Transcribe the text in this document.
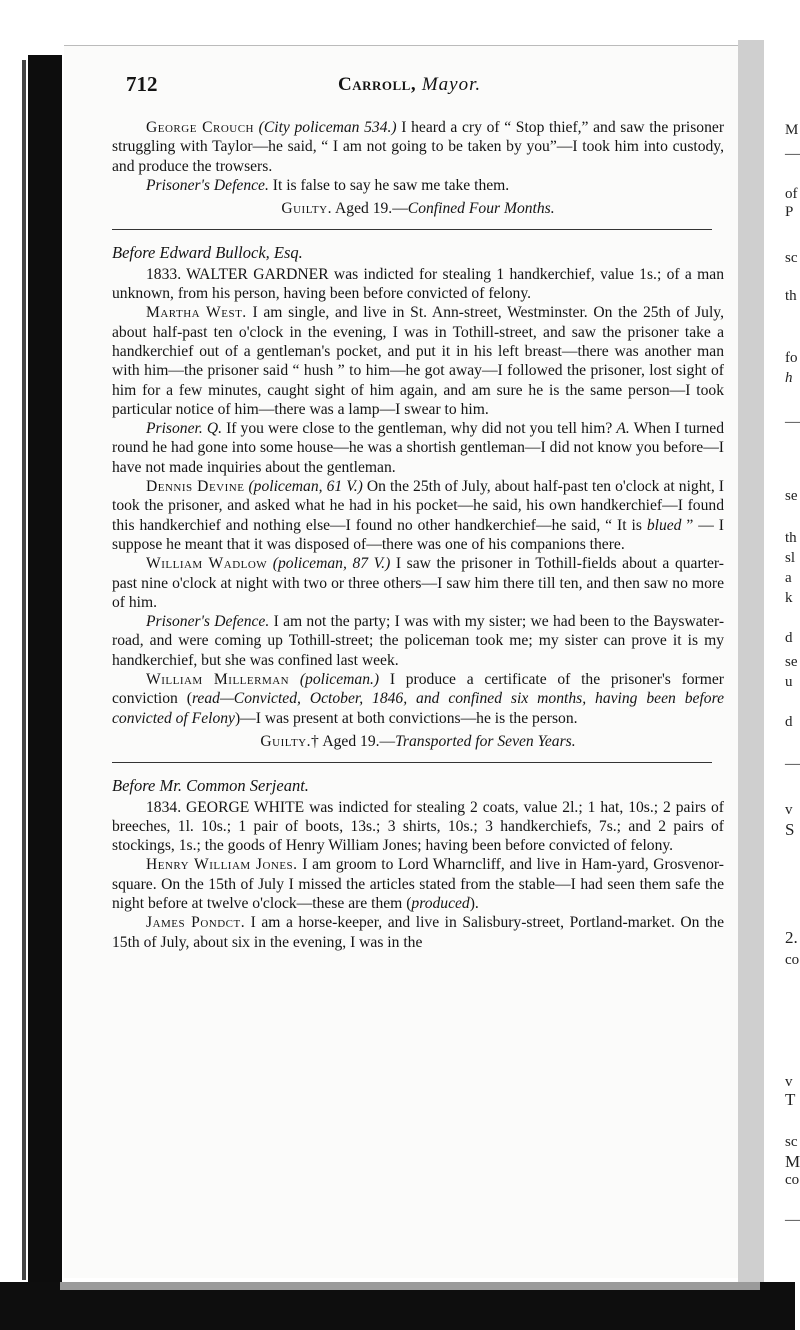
712	Carroll, Mayor.

George Crouch (City policeman 534.) I heard a cry of “ Stop thief,” and saw the prisoner struggling with Taylor—he said, “ I am not going to be taken by you”—I took him into custody, and produce the trowsers.

Prisoner's Defence. It is false to say he saw me take them.

Guilty. Aged 19.—Confined Four Months.

Before Edward Bullock, Esq.

1833. WALTER GARDNER was indicted for stealing 1 handkerchief, value 1s.; of a man unknown, from his person, having been before convicted of felony.

Martha West. I am single, and live in St. Ann-street, Westminster. On the 25th of July, about half-past ten o'clock in the evening, I was in Tothill-street, and saw the prisoner take a handkerchief out of a gentleman's pocket, and put it in his left breast—there was another man with him—the prisoner said “ hush ” to him—he got away—I followed the prisoner, lost sight of him for a few minutes, caught sight of him again, and am sure he is the same person—I took particular notice of him—there was a lamp—I swear to him.

Prisoner. Q. If you were close to the gentleman, why did not you tell him? A. When I turned round he had gone into some house—he was a shortish gentleman—I did not know you before—I have not made inquiries about the gentleman.

Dennis Devine (policeman, 61 V.) On the 25th of July, about half-past ten o'clock at night, I took the prisoner, and asked what he had in his pocket—he said, his own handkerchief—I found this handkerchief and nothing else—I found no other handkerchief—he said, “ It is blued ” — I suppose he meant that it was disposed of—there was one of his companions there.

William Wadlow (policeman, 87 V.) I saw the prisoner in Tothill-fields about a quarter-past nine o'clock at night with two or three others—I saw him there till ten, and then saw no more of him.

Prisoner's Defence. I am not the party; I was with my sister; we had been to the Bayswater-road, and were coming up Tothill-street; the policeman took me; my sister can prove it is my handkerchief, but she was confined last week.

William Millerman (policeman.) I produce a certificate of the prisoner's former conviction (read—Convicted, October, 1846, and confined six months, having been before convicted of Felony)—I was present at both convictions—he is the person.

Guilty.† Aged 19.—Transported for Seven Years.

Before Mr. Common Serjeant.

1834. GEORGE WHITE was indicted for stealing 2 coats, value 2l.; 1 hat, 10s.; 2 pairs of breeches, 1l. 10s.; 1 pair of boots, 13s.; 3 shirts, 10s.; 3 handkerchiefs, 7s.; and 2 pairs of stockings, 1s.; the goods of Henry William Jones; having been before convicted of felony.

Henry William Jones. I am groom to Lord Wharncliff, and live in Ham-yard, Grosvenor-square. On the 15th of July I missed the articles stated from the stable—I had seen them safe the night before at twelve o'clock—these are them (produced).

James Pondct. I am a horse-keeper, and live in Salisbury-street, Portland-market. On the 15th of July, about six in the evening, I was in the

M
—
of
P
sc
th
fo
h
—
se
th
sl
a
k
d
se
u
d
—
v
S
2.
co
v
T
sc
M
co
—
